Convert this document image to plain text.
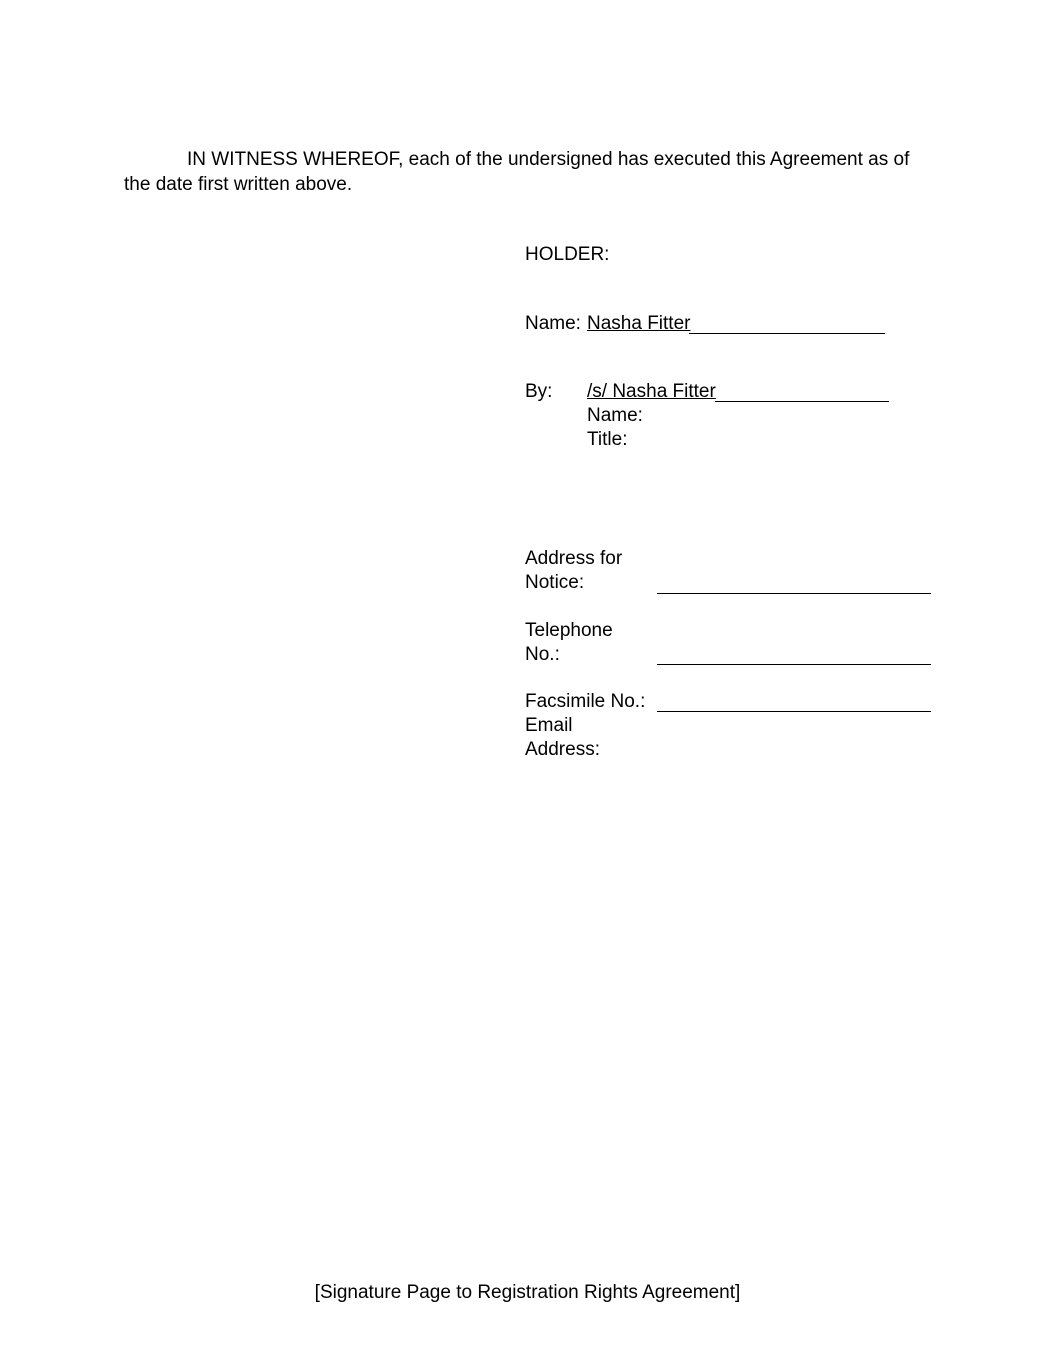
IN WITNESS WHEREOF, each of the undersigned has executed this Agreement as of
the date first written above.
HOLDER:
Name: Nasha Fitter
By: /s/ Nasha Fitter
Name:
Title:
Address for
Notice:
Telephone
No.:
Facsimile No.:
Email
Address:
[Signature Page to Registration Rights Agreement]
